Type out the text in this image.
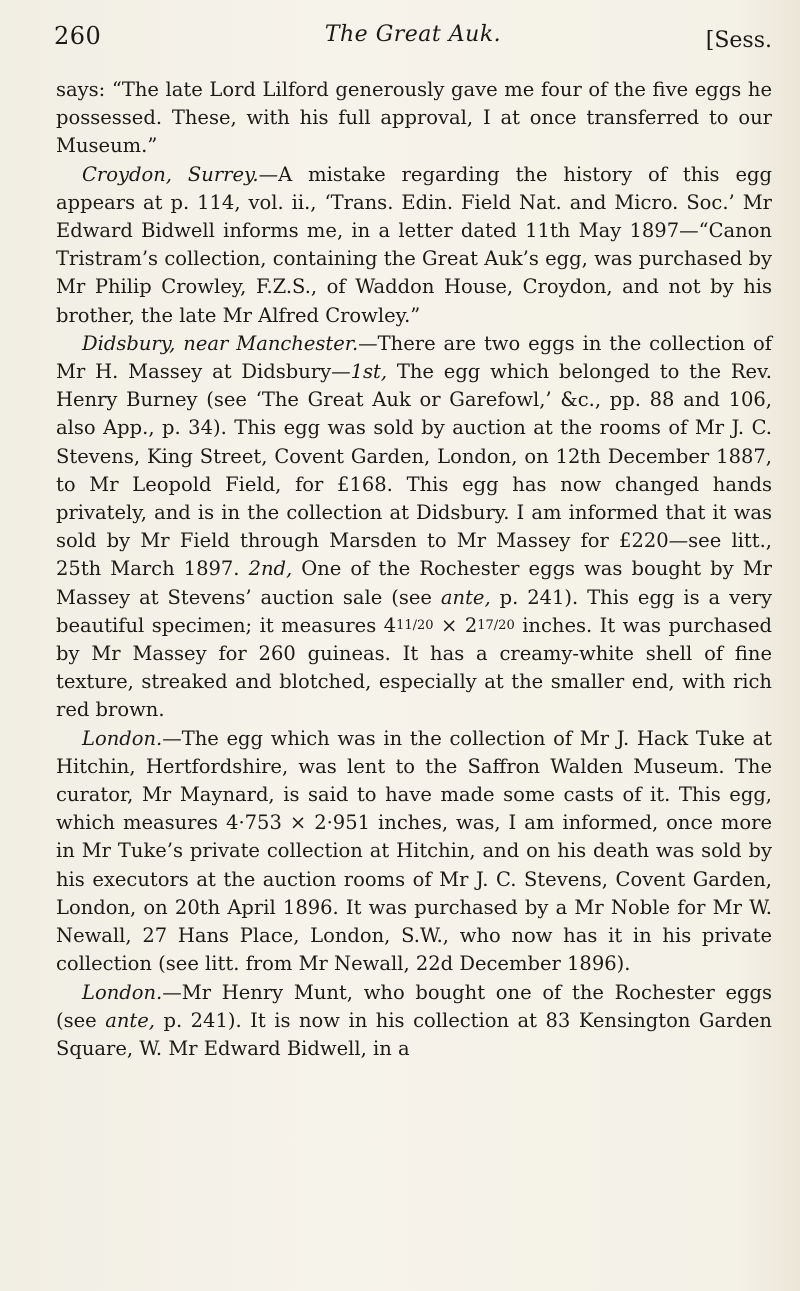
260	The Great Auk.	[Sess.

says: “The late Lord Lilford generously gave me four of the five eggs he possessed. These, with his full approval, I at once transferred to our Museum.”

Croydon, Surrey.—A mistake regarding the history of this egg appears at p. 114, vol. ii., ‘Trans. Edin. Field Nat. and Micro. Soc.’ Mr Edward Bidwell informs me, in a letter dated 11th May 1897—“Canon Tristram’s collection, containing the Great Auk’s egg, was purchased by Mr Philip Crowley, F.Z.S., of Waddon House, Croydon, and not by his brother, the late Mr Alfred Crowley.”

Didsbury, near Manchester.—There are two eggs in the collection of Mr H. Massey at Didsbury—1st, The egg which belonged to the Rev. Henry Burney (see ‘The Great Auk or Garefowl,’ &c., pp. 88 and 106, also App., p. 34). This egg was sold by auction at the rooms of Mr J. C. Stevens, King Street, Covent Garden, London, on 12th December 1887, to Mr Leopold Field, for £168. This egg has now changed hands privately, and is in the collection at Didsbury. I am informed that it was sold by Mr Field through Marsden to Mr Massey for £220—see litt., 25th March 1897. 2nd, One of the Rochester eggs was bought by Mr Massey at Stevens’ auction sale (see ante, p. 241). This egg is a very beautiful specimen; it measures 411/20 × 217/20 inches. It was purchased by Mr Massey for 260 guineas. It has a creamy-white shell of fine texture, streaked and blotched, especially at the smaller end, with rich red brown.

London.—The egg which was in the collection of Mr J. Hack Tuke at Hitchin, Hertfordshire, was lent to the Saffron Walden Museum. The curator, Mr Maynard, is said to have made some casts of it. This egg, which measures 4·753 × 2·951 inches, was, I am informed, once more in Mr Tuke’s private collection at Hitchin, and on his death was sold by his executors at the auction rooms of Mr J. C. Stevens, Covent Garden, London, on 20th April 1896. It was purchased by a Mr Noble for Mr W. Newall, 27 Hans Place, London, S.W., who now has it in his private collection (see litt. from Mr Newall, 22d December 1896).

London.—Mr Henry Munt, who bought one of the Rochester eggs (see ante, p. 241). It is now in his collection at 83 Kensington Garden Square, W. Mr Edward Bidwell, in a
